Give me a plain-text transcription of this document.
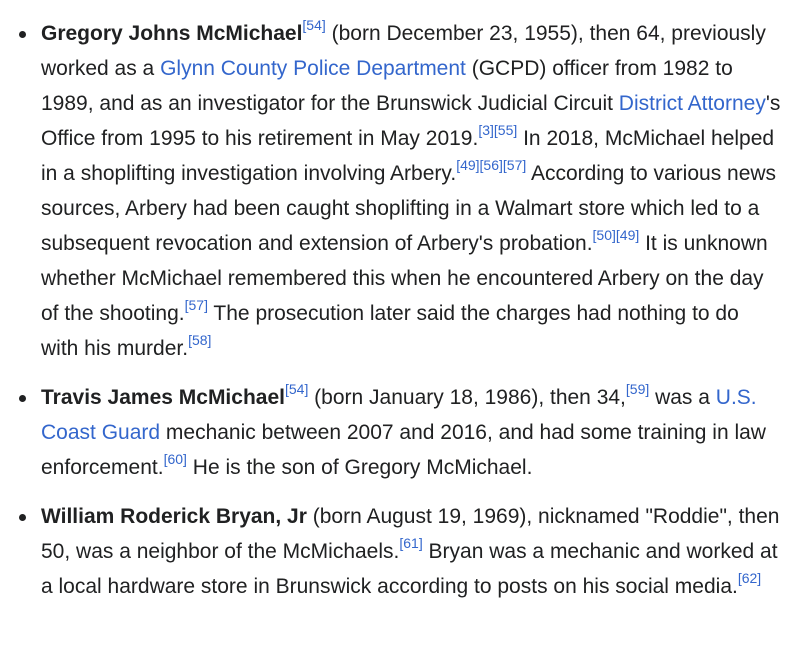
Gregory Johns McMichael[54] (born December 23, 1955), then 64, previously worked as a Glynn County Police Department (GCPD) officer from 1982 to 1989, and as an investigator for the Brunswick Judicial Circuit District Attorney's Office from 1995 to his retirement in May 2019.[3][55] In 2018, McMichael helped in a shoplifting investigation involving Arbery.[49][56][57] According to various news sources, Arbery had been caught shoplifting in a Walmart store which led to a subsequent revocation and extension of Arbery's probation.[50][49] It is unknown whether McMichael remembered this when he encountered Arbery on the day of the shooting.[57] The prosecution later said the charges had nothing to do with his murder.[58]
Travis James McMichael[54] (born January 18, 1986), then 34,[59] was a U.S. Coast Guard mechanic between 2007 and 2016, and had some training in law enforcement.[60] He is the son of Gregory McMichael.
William Roderick Bryan, Jr (born August 19, 1969), nicknamed "Roddie", then 50, was a neighbor of the McMichaels.[61] Bryan was a mechanic and worked at a local hardware store in Brunswick according to posts on his social media.[62]
